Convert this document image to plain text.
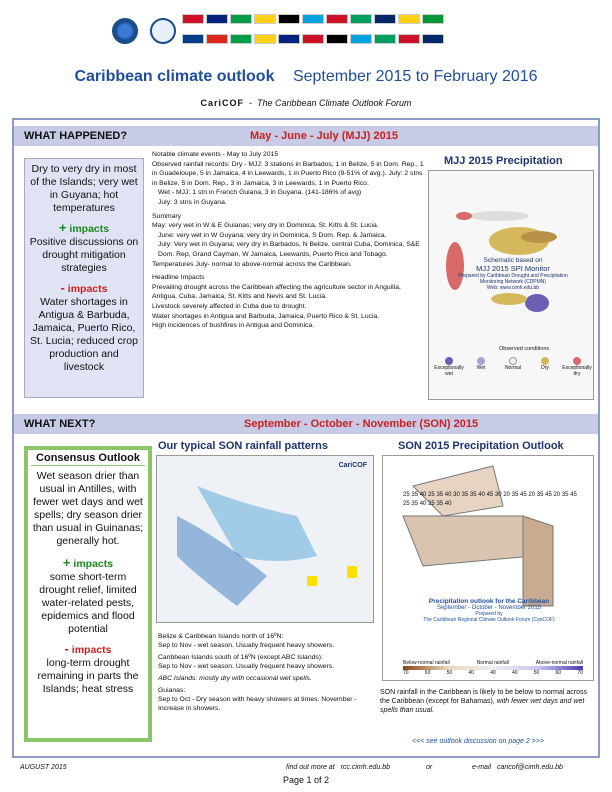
Caribbean climate outlook September 2015 to February 2016
CariCOF  -  The Caribbean Climate Outlook Forum
WHAT HAPPENED?	May - June - July (MJJ) 2015
Dry to very dry in most of the Islands; very wet in Guyana; hot temperatures
+ impacts
Positive discussions on drought mitigation strategies
- impacts
Water shortages in Antigua & Barbuda, Jamaica, Puerto Rico, St. Lucia; reduced crop production and livestock
Notable climate events - May to July 2015
Observed rainfall records: Dry - MJJ: 3 stations in Barbados, 1 in Belize, 5 in Dom. Rep., 1 in Guadeloupe, 5 in Jamaica, 4 in Leewards, 1 in Puerto Rico (9-51% of avg.). July: 2 stns in Belize, 5 in Dom. Rep., 3 in Jamaica, 3 in Leewards, 1 in Puerto Rico.
Wet - MJJ: 1 stn in French Guiana, 3 in Guyana. (141-186% of avg)
July: 3 stns in Guyana.
Summary
May: very wet in W & E Guianas; very dry in Dominica, St. Kitts & St. Lucia.
June: very wet in W Guyana; very dry in Dominica, S Dom. Rep. & Jamaica.
July: Very wet in Guyana; very dry in Barbados, N Belize, central Cuba, Dominica, S&E Dom. Rep, Grand Cayman, W Jamaica, Leewards, Puerto Rico and Tobago.
Temperatures July- normal to above-normal across the Caribbean.
Headline Impacts
Prevailing drought across the Caribbean affecting the agriculture sector in Anguilla, Antigua, Cuba, Jamaica, St. Kitts and Nevis and St. Lucia.
Livestock severely affected in Cuba due to drought.
Water shortages in Antigua and Barbuda, Jamaica, Puerto Rico & St. Lucia.
High incidences of bushfires in Antigua and Dominica.
MJJ 2015 Precipitation
Schematic based on
MJJ 2015 SPI Monitor
Prepared by Caribbean Drought and Precipitation Monitoring Network (CDPMN)
Web: www.cimh.edu.bb
Observed conditions
Exceptionally wet
Wet	Normal	Dry	Exceptionally dry
WHAT NEXT?	September - October - November (SON) 2015
Consensus Outlook
Wet season drier than usual in Antilles, with fewer wet days and wet spells; dry season drier than usual in Guinanas; generally hot.
+ impacts
some short-term drought relief, limited water-related pests, epidemics and flood potential
- impacts
long-term drought remaining in parts the Islands; heat stress
Our typical SON rainfall patterns
CariCOF
Belize & Caribbean Islands north of 16ºN:
Sep to Nov - wet season. Usually frequent heavy showers.
Caribbean Islands south of 16ºN (except ABC Islands):
Sep to Nov - wet season. Usually frequent heavy showers.
ABC Islands: mostly dry with occasional wet spells.
Guianas:
Sep to Oct - Dry season with heavy showers at times. November - Increase in showers.
SON 2015 Precipitation Outlook
25 35 40 25 35 40 30 35 35 40 45 30 20 35 45 20 35 45 20 35 45 25 35 40 25 35 40
Precipitation outlook for the Caribbean
September - October - November 2015
Prepared by
The Caribbean Regional Climate Outlook Forum (CariCOF)
Below-normal rainfall	Normal rainfall	Above-normal rainfall
70	60	50	40	40	40	50	60	70
SON rainfall in the Caribbean is likely to be below to normal across the Caribbean (except for Bahamas), with fewer wet days and wet spells than usual.
<<< see outlook discussion on page 2 >>>
AUGUST 2015	find out more at rcc.cimh.edu.bb	or	e-mail caricof@cimh.edu.bb
Page 1 of 2
